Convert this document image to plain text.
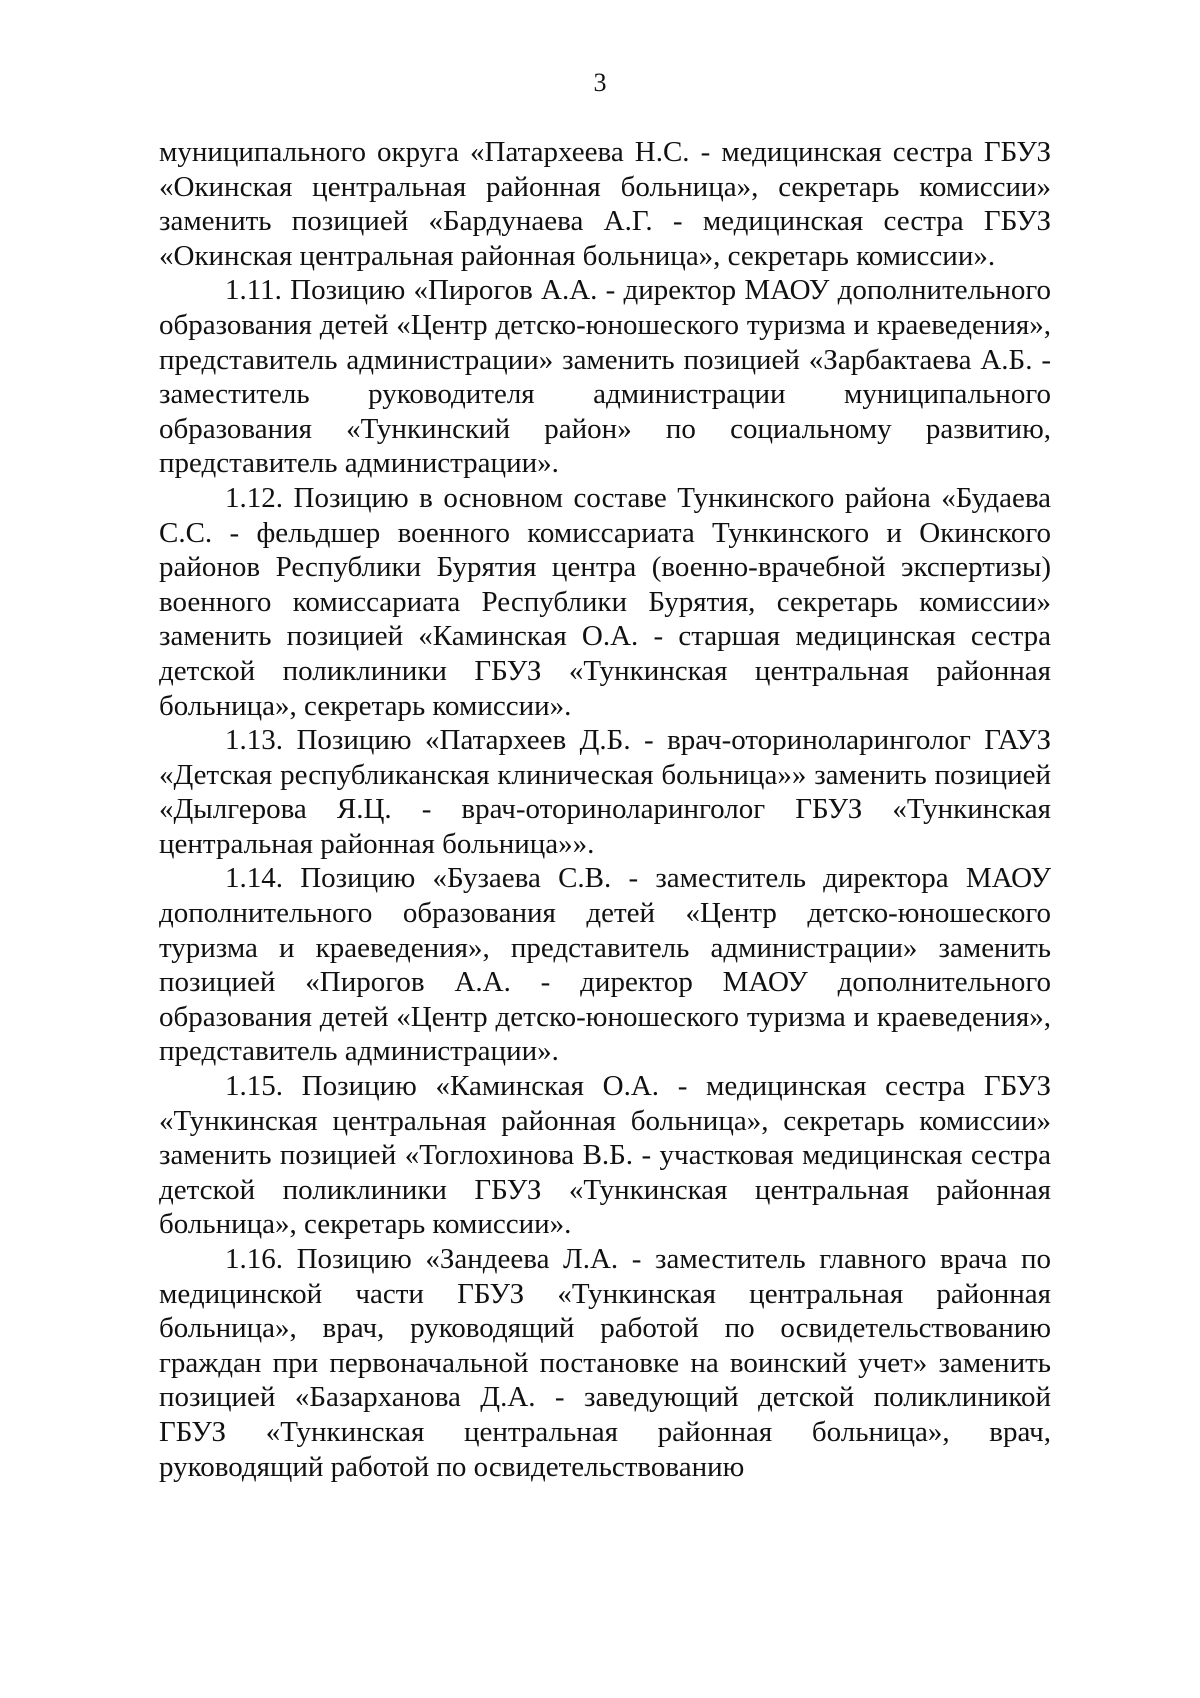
3

муниципального округа «Патархеева Н.С. - медицинская сестра ГБУЗ «Окинская центральная районная больница», секретарь комиссии» заменить позицией «Бардунаева А.Г. - медицинская сестра ГБУЗ «Окинская центральная районная больница», секретарь комиссии».

1.11. Позицию «Пирогов А.А. - директор МАОУ дополнительного образования детей «Центр детско-юношеского туризма и краеведения», представитель администрации» заменить позицией «Зарбактаева А.Б. - заместитель руководителя администрации муниципального образования «Тункинский район» по социальному развитию, представитель администрации».

1.12. Позицию в основном составе Тункинского района «Будаева С.С. - фельдшер военного комиссариата Тункинского и Окинского районов Республики Бурятия центра (военно-врачебной экспертизы) военного комиссариата Республики Бурятия, секретарь комиссии» заменить позицией «Каминская О.А. - старшая медицинская сестра детской поликлиники ГБУЗ «Тункинская центральная районная больница», секретарь комиссии».

1.13. Позицию «Патархеев Д.Б. - врач-оториноларинголог ГАУЗ «Детская республиканская клиническая больница»» заменить позицией «Дылгерова Я.Ц. - врач-оториноларинголог ГБУЗ «Тункинская центральная районная больница»».

1.14. Позицию «Бузаева С.В. - заместитель директора МАОУ дополнительного образования детей «Центр детско-юношеского туризма и краеведения», представитель администрации» заменить позицией «Пирогов А.А. - директор МАОУ дополнительного образования детей «Центр детско-юношеского туризма и краеведения», представитель администрации».

1.15. Позицию «Каминская О.А. - медицинская сестра ГБУЗ «Тункинская центральная районная больница», секретарь комиссии» заменить позицией «Тоглохинова В.Б. - участковая медицинская сестра детской поликлиники ГБУЗ «Тункинская центральная районная больница», секретарь комиссии».

1.16. Позицию «Зандеева Л.А. - заместитель главного врача по медицинской части ГБУЗ «Тункинская центральная районная больница», врач, руководящий работой по освидетельствованию граждан при первоначальной постановке на воинский учет» заменить позицией «Базарханова Д.А. - заведующий детской поликлиникой ГБУЗ «Тункинская центральная районная больница», врач, руководящий работой по освидетельствованию
